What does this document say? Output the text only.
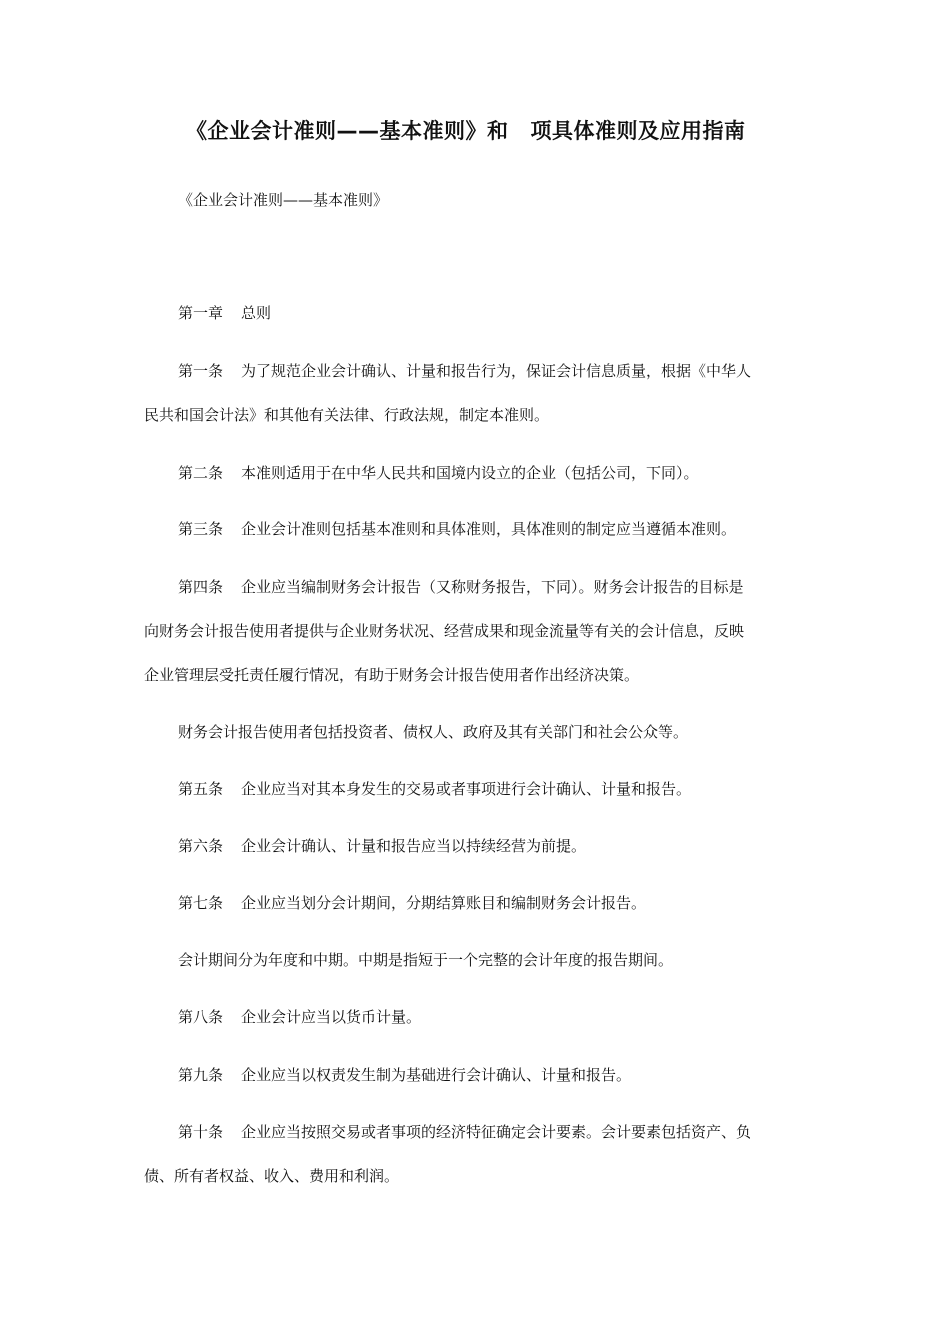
《企业会计准则——基本准则》和 项具体准则及应用指南

《企业会计准则——基本准则》

第一章 总则

第一条 为了规范企业会计确认、计量和报告行为，保证会计信息质量，根据《中华人

民共和国会计法》和其他有关法律、行政法规，制定本准则。

第二条 本准则适用于在中华人民共和国境内设立的企业（包括公司，下同）。

第三条 企业会计准则包括基本准则和具体准则，具体准则的制定应当遵循本准则。

第四条 企业应当编制财务会计报告（又称财务报告，下同）。财务会计报告的目标是

向财务会计报告使用者提供与企业财务状况、经营成果和现金流量等有关的会计信息，反映

企业管理层受托责任履行情况，有助于财务会计报告使用者作出经济决策。

财务会计报告使用者包括投资者、债权人、政府及其有关部门和社会公众等。

第五条 企业应当对其本身发生的交易或者事项进行会计确认、计量和报告。

第六条 企业会计确认、计量和报告应当以持续经营为前提。

第七条 企业应当划分会计期间，分期结算账目和编制财务会计报告。

会计期间分为年度和中期。中期是指短于一个完整的会计年度的报告期间。

第八条 企业会计应当以货币计量。

第九条 企业应当以权责发生制为基础进行会计确认、计量和报告。

第十条 企业应当按照交易或者事项的经济特征确定会计要素。会计要素包括资产、负

债、所有者权益、收入、费用和利润。
